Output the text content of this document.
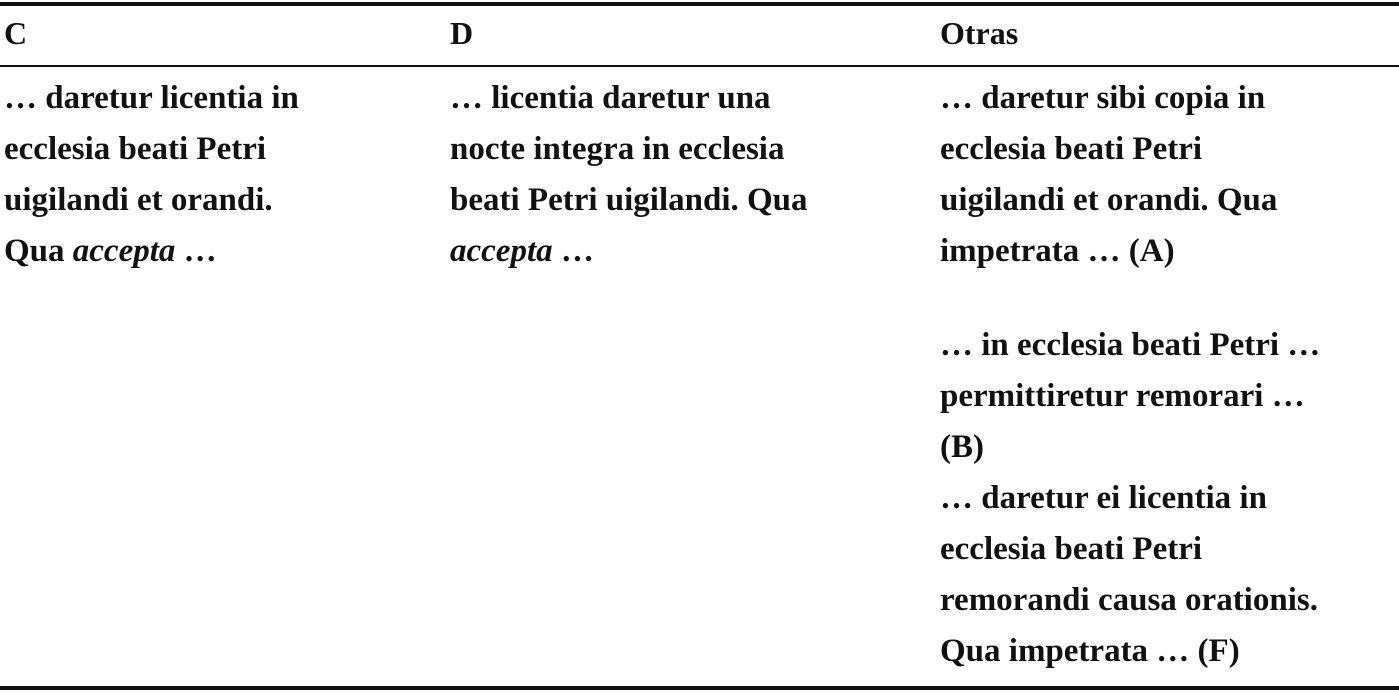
C	D	Otras

… daretur licentia in
ecclesia beati Petri
uigilandi et orandi.
Qua accepta …

… licentia daretur una
nocte integra in ecclesia
beati Petri uigilandi. Qua
accepta …

… daretur sibi copia in
ecclesia beati Petri
uigilandi et orandi. Qua
impetrata … (A)

… in ecclesia beati Petri …
permittiretur remorari …
(B)

… daretur ei licentia in
ecclesia beati Petri
remorandi causa orationis.
Qua impetrata … (F)
